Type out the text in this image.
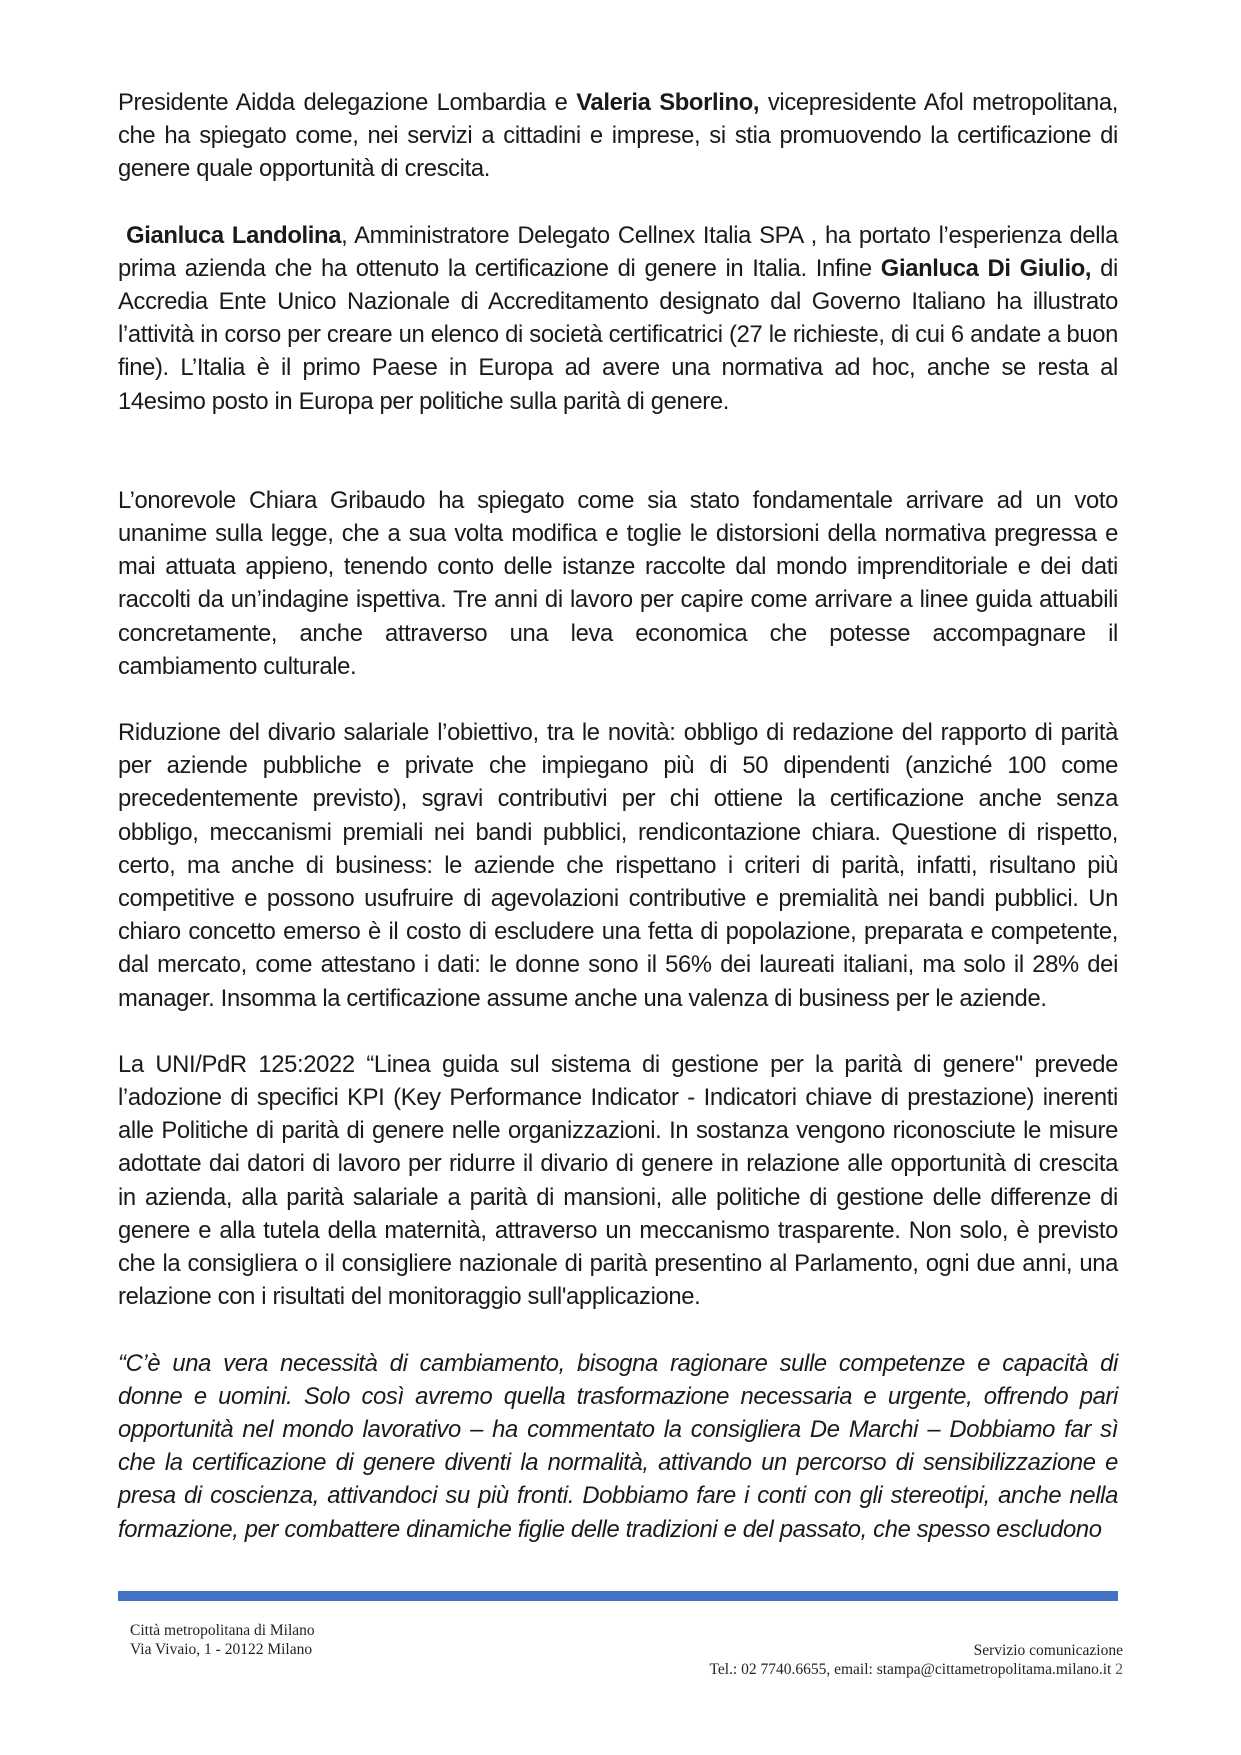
Presidente Aidda delegazione Lombardia e Valeria Sborlino, vicepresidente Afol metropolitana, che ha spiegato come, nei servizi a cittadini e imprese, si stia promuovendo la certificazione di genere quale opportunità di crescita.

Gianluca Landolina, Amministratore Delegato Cellnex Italia SPA , ha portato l’esperienza della prima azienda che ha ottenuto la certificazione di genere in Italia. Infine Gianluca Di Giulio, di Accredia Ente Unico Nazionale di Accreditamento designato dal Governo Italiano ha illustrato l’attività in corso per creare un elenco di società certificatrici (27 le richieste, di cui 6 andate a buon fine). L’Italia è il primo Paese in Europa ad avere una normativa ad hoc, anche se resta al 14esimo posto in Europa per politiche sulla parità di genere.

L’onorevole Chiara Gribaudo ha spiegato come sia stato fondamentale arrivare ad un voto unanime sulla legge, che a sua volta modifica e toglie le distorsioni della normativa pregressa e mai attuata appieno, tenendo conto delle istanze raccolte dal mondo imprenditoriale e dei dati raccolti da un’indagine ispettiva. Tre anni di lavoro per capire come arrivare a linee guida attuabili concretamente, anche attraverso una leva economica che potesse accompagnare il cambiamento culturale.

Riduzione del divario salariale l’obiettivo, tra le novità: obbligo di redazione del rapporto di parità per aziende pubbliche e private che impiegano più di 50 dipendenti (anziché 100 come precedentemente previsto), sgravi contributivi per chi ottiene la certificazione anche senza obbligo, meccanismi premiali nei bandi pubblici, rendicontazione chiara. Questione di rispetto, certo, ma anche di business: le aziende che rispettano i criteri di parità, infatti, risultano più competitive e possono usufruire di agevolazioni contributive e premialità nei bandi pubblici. Un chiaro concetto emerso è il costo di escludere una fetta di popolazione, preparata e competente, dal mercato, come attestano i dati: le donne sono il 56% dei laureati italiani, ma solo il 28% dei manager. Insomma la certificazione assume anche una valenza di business per le aziende.

La UNI/PdR 125:2022 “Linea guida sul sistema di gestione per la parità di genere" prevede l’adozione di specifici KPI (Key Performance Indicator - Indicatori chiave di prestazione) inerenti alle Politiche di parità di genere nelle organizzazioni. In sostanza vengono riconosciute le misure adottate dai datori di lavoro per ridurre il divario di genere in relazione alle opportunità di crescita in azienda, alla parità salariale a parità di mansioni, alle politiche di gestione delle differenze di genere e alla tutela della maternità, attraverso un meccanismo trasparente. Non solo, è previsto che la consigliera o il consigliere nazionale di parità presentino al Parlamento, ogni due anni, una relazione con i risultati del monitoraggio sull'applicazione.

“C’è una vera necessità di cambiamento, bisogna ragionare sulle competenze e capacità di donne e uomini. Solo così avremo quella trasformazione necessaria e urgente, offrendo pari opportunità nel mondo lavorativo – ha commentato la consigliera De Marchi – Dobbiamo far sì che la certificazione di genere diventi la normalità, attivando un percorso di sensibilizzazione e presa di coscienza, attivandoci su più fronti. Dobbiamo fare i conti con gli stereotipi, anche nella formazione, per combattere dinamiche figlie delle tradizioni e del passato, che spesso escludono

Città metropolitana di Milano
Via Vivaio, 1 - 20122 Milano	Servizio comunicazione
Tel.: 02 7740.6655, email: stampa@cittametropolitama.milano.it 2
